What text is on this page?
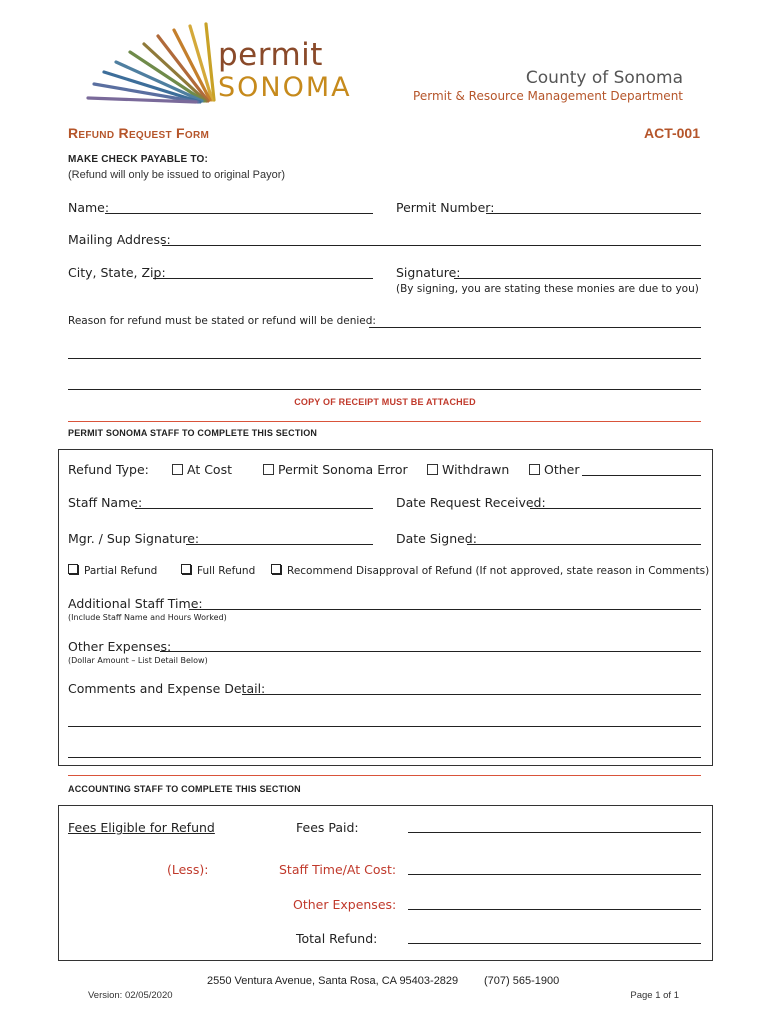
permit
SONOMA	County of Sonoma
Permit & Resource Management Department
Refund Request Form	ACT-001
MAKE CHECK PAYABLE TO:
(Refund will only be issued to original Payor)
Name:	Permit Number:
Mailing Address:
City, State, Zip:	Signature:
(By signing, you are stating these monies are due to you)
Reason for refund must be stated or refund will be denied:
COPY OF RECEIPT MUST BE ATTACHED
PERMIT SONOMA STAFF TO COMPLETE THIS SECTION
Refund Type:	At Cost	Permit Sonoma Error	Withdrawn	Other
Staff Name:	Date Request Received:
Mgr. / Sup Signature:	Date Signed:
Partial Refund	Full Refund	Recommend Disapproval of Refund (If not approved, state reason in Comments)
Additional Staff Time:
(Include Staff Name and Hours Worked)
Other Expenses:
(Dollar Amount – List Detail Below)
Comments and Expense Detail:
ACCOUNTING STAFF TO COMPLETE THIS SECTION
Fees Eligible for Refund	Fees Paid:
(Less):	Staff Time/At Cost:
Other Expenses:
Total Refund:
2550 Ventura Avenue, Santa Rosa, CA 95403-2829 (707) 565-1900
Version: 02/05/2020	Page 1 of 1
